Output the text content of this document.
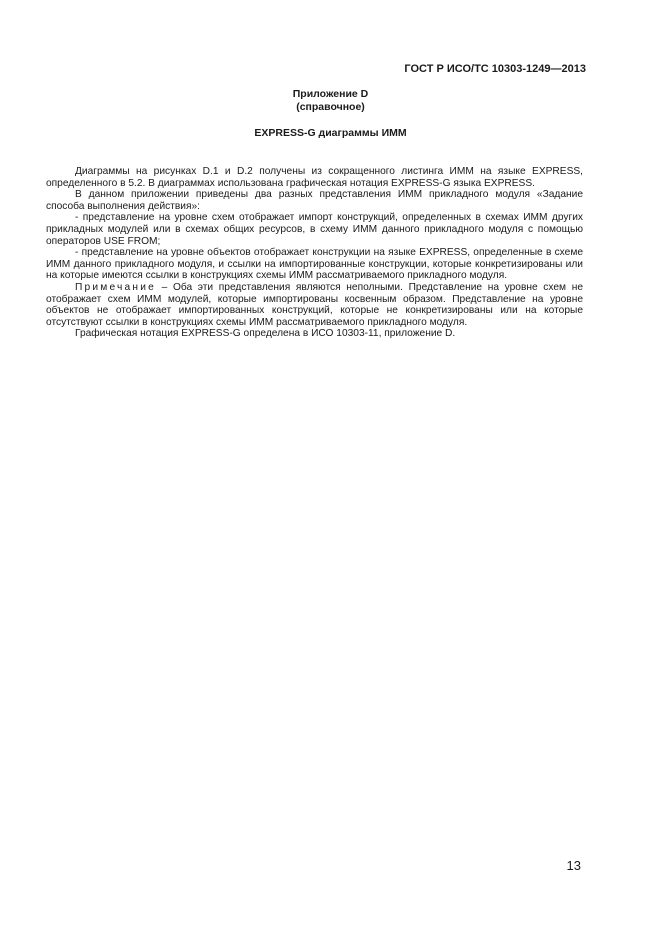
ГОСТ Р ИСО/ТС 10303-1249—2013
Приложение D
(справочное)
EXPRESS-G диаграммы ИММ

Диаграммы на рисунках D.1 и D.2 получены из сокращенного листинга ИММ на языке EXPRESS, определенного в 5.2. В диаграммах использована графическая нотация EXPRESS-G языка EXPRESS.

В данном приложении приведены два разных представления ИММ прикладного модуля «Задание способа выполнения действия»:

- представление на уровне схем отображает импорт конструкций, определенных в схемах ИММ других прикладных модулей или в схемах общих ресурсов, в схему ИММ данного прикладного модуля с помощью операторов USE FROM;

- представление на уровне объектов отображает конструкции на языке EXPRESS, определенные в схеме ИММ данного прикладного модуля, и ссылки на импортированные конструкции, которые конкретизированы или на которые имеются ссылки в конструкциях схемы ИММ рассматриваемого прикладного модуля.

Примечание – Оба эти представления являются неполными. Представление на уровне схем не отображает схем ИММ модулей, которые импортированы косвенным образом. Представление на уровне объектов не отображает импортированных конструкций, которые не конкретизированы или на которые отсутствуют ссылки в конструкциях схемы ИММ рассматриваемого прикладного модуля.

Графическая нотация EXPRESS-G определена в ИСО 10303-11, приложение D.

13
